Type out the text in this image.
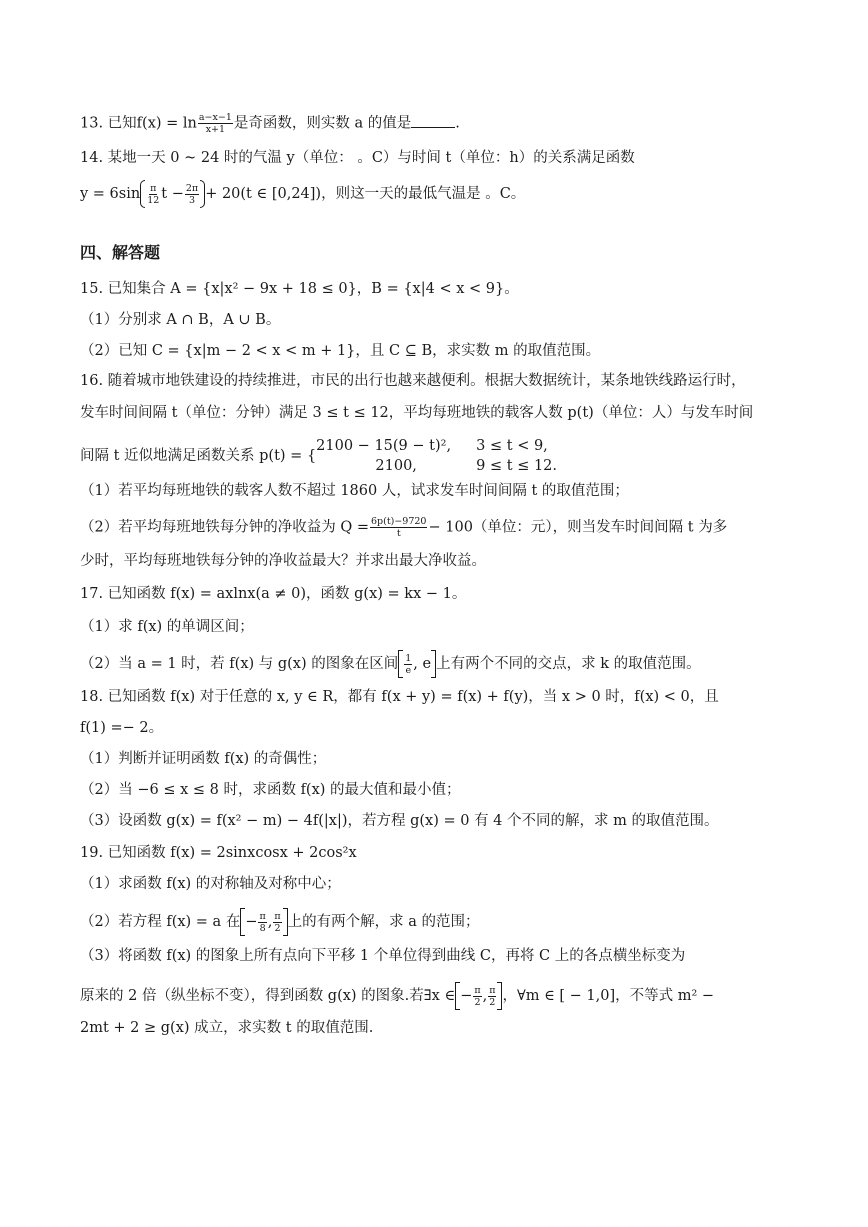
13. 已知$f(x) = \ln \frac{a-x-1}{x+1}$ 是奇函数，则实数 a 的值是	.
14. 某地一天 0 ~ 24 时的气温 y（单位： 。C）与时间 t（单位：h）的关系满足函数
$y = 6\sin \frac{\pi}{12}$ $t - \frac{2\pi}{3} + 20(t$ ∈ [0,24])，则这一天的最低气温是 。C。
四、解答题
15. 已知集合 A = {x|x² − 9x + 18 ≤ 0}，B = {x|4 < x < 9}。
（1）分别求 A ∩ B，A ∪ B。
（2）已知 C = {x|m − 2 < x < m + 1}，且 C ⊆ B，求实数 m 的取值范围。
16. 随着城市地铁建设的持续推进，市民的出行也越来越便利。根据大数据统计，某条地铁线路运行时，
发车时间间隔 t（单位：分钟）满足 3 ≤ t ≤ 12，平均每班地铁的载客人数 p(t)（单位：人）与发车时间
间隔 t 近似地满足函数关系 p(t) = {
2100 − 15(9 − t)², 3 ≤ t < 9,
2100,	9 ≤ t ≤ 12.
（1）若平均每班地铁的载客人数不超过 1860 人，试求发车时间间隔 t 的取值范围；
（2）若平均每班地铁每分钟的净收益为 $Q = \frac{6p(t)-9720}{t} - 100$（单位：元），则当发车时间间隔 t 为多
少时，平均每班地铁每分钟的净收益最大？并求出最大净收益。
17. 已知函数 f(x) = axlnx(a ≠ 0)，函数 g(x) = kx − 1。
（1）求 f(x) 的单调区间；
（2）当 a = 1 时，若 f(x) 与 g(x) 的图象在区间 $\frac{1}{e}$ , e 上有两个不同的交点，求 k 的取值范围。
18. 已知函数 f(x) 对于任意的 x, y ∈ R，都有 f(x + y) = f(x) + f(y)，当 x > 0 时，f(x) < 0，且
f(1) =− 2。
（1）判断并证明函数 f(x) 的奇偶性；
（2）当 −6 ≤ x ≤ 8 时，求函数 f(x) 的最大值和最小值；
（3）设函数 g(x) = f(x² − m) − 4f(|x|)，若方程 g(x) = 0 有 4 个不同的解，求 m 的取值范围。
19. 已知函数 f(x) = 2sinxcosx + 2cos²x
（1）求函数 f(x) 的对称轴及对称中心；
（2）若方程 f(x) = a 在 − $\frac{\pi}{8}$ , $\frac{\pi}{2}$ 上的有两个解，求 a 的范围；
（3）将函数 f(x) 的图象上所有点向下平移 1 个单位得到曲线 C，再将 C 上的各点横坐标变为
原来的 2 倍（纵坐标不变），得到函数 g(x) 的图象.若∃x ∈ − $\frac{\pi}{2}$ , $\frac{\pi}{2}$ ，∀m ∈ [ − 1,0]，不等式 m² −
2mt + 2 ≥ g(x) 成立，求实数 t 的取值范围.
